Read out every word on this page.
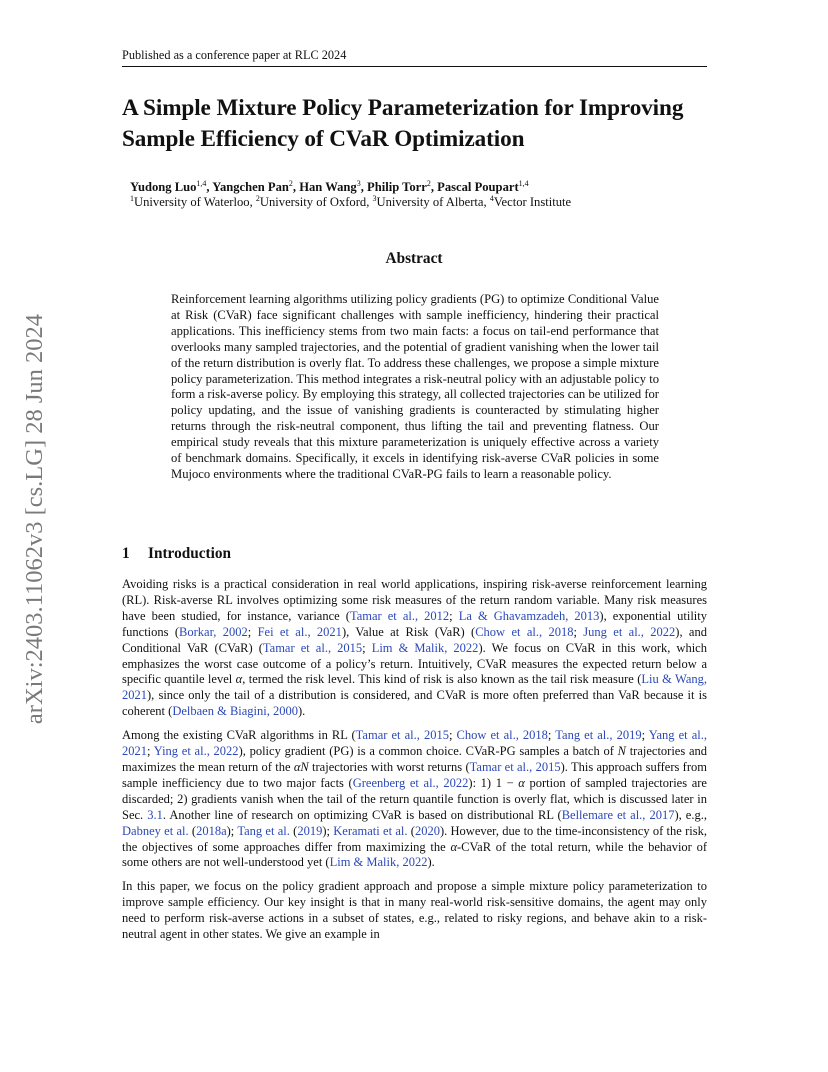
Published as a conference paper at RLC 2024
arXiv:2403.11062v3 [cs.LG] 28 Jun 2024
A Simple Mixture Policy Parameterization for Improving Sample Efficiency of CVaR Optimization
Yudong Luo$^{1,4}$, Yangchen Pan$^2$, Han Wang$^3$, Philip Torr$^2$, Pascal Poupart$^{1,4}$
$^1$University of Waterloo, $^2$University of Oxford, $^3$University of Alberta, $^4$Vector Institute
Abstract
Reinforcement learning algorithms utilizing policy gradients (PG) to optimize Conditional Value at Risk (CVaR) face significant challenges with sample inefficiency, hindering their practical applications. This inefficiency stems from two main facts: a focus on tail-end performance that overlooks many sampled trajectories, and the potential of gradient vanishing when the lower tail of the return distribution is overly flat. To address these challenges, we propose a simple mixture policy parameterization. This method integrates a risk-neutral policy with an adjustable policy to form a risk-averse policy. By employing this strategy, all collected trajectories can be utilized for policy updating, and the issue of vanishing gradients is counteracted by stimulating higher returns through the risk-neutral component, thus lifting the tail and preventing flatness. Our empirical study reveals that this mixture parameterization is uniquely effective across a variety of benchmark domains. Specifically, it excels in identifying risk-averse CVaR policies in some Mujoco environments where the traditional CVaR-PG fails to learn a reasonable policy.
1 Introduction

Avoiding risks is a practical consideration in real world applications, inspiring risk-averse reinforcement learning (RL). Risk-averse RL involves optimizing some risk measures of the return random variable. Many risk measures have been studied, for instance, variance (Tamar et al., 2012; La & Ghavamzadeh, 2013), exponential utility functions (Borkar, 2002; Fei et al., 2021), Value at Risk (VaR) (Chow et al., 2018; Jung et al., 2022), and Conditional VaR (CVaR) (Tamar et al., 2015; Lim & Malik, 2022). We focus on CVaR in this work, which emphasizes the worst case outcome of a policy’s return. Intuitively, CVaR measures the expected return below a specific quantile level α, termed the risk level. This kind of risk is also known as the tail risk measure (Liu & Wang, 2021), since only the tail of a distribution is considered, and CVaR is more often preferred than VaR because it is coherent (Delbaen & Biagini, 2000).

Among the existing CVaR algorithms in RL (Tamar et al., 2015; Chow et al., 2018; Tang et al., 2019; Yang et al., 2021; Ying et al., 2022), policy gradient (PG) is a common choice. CVaR-PG samples a batch of N trajectories and maximizes the mean return of the αN trajectories with worst returns (Tamar et al., 2015). This approach suffers from sample inefficiency due to two major facts (Greenberg et al., 2022): 1) 1 − α portion of sampled trajectories are discarded; 2) gradients vanish when the tail of the return quantile function is overly flat, which is discussed later in Sec. 3.1. Another line of research on optimizing CVaR is based on distributional RL (Bellemare et al., 2017), e.g., Dabney et al. (2018a); Tang et al. (2019); Keramati et al. (2020). However, due to the time-inconsistency of the risk, the objectives of some approaches differ from maximizing the α-CVaR of the total return, while the behavior of some others are not well-understood yet (Lim & Malik, 2022).

In this paper, we focus on the policy gradient approach and propose a simple mixture policy parameterization to improve sample efficiency. Our key insight is that in many real-world risk-sensitive domains, the agent may only need to perform risk-averse actions in a subset of states, e.g., related to risky regions, and behave akin to a risk-neutral agent in other states. We give an example in
